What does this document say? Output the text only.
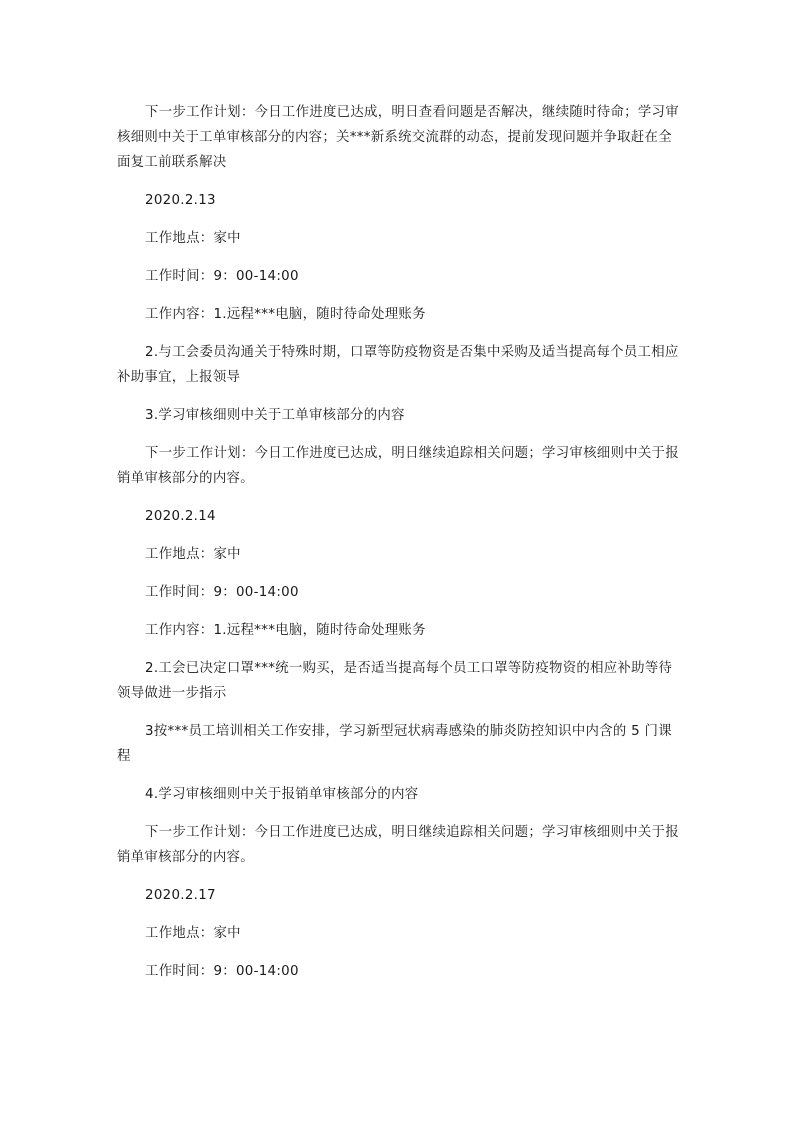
下一步工作计划：今日工作进度已达成，明日查看问题是否解决，继续随时待命；学习审核细则中关于工单审核部分的内容；关***新系统交流群的动态，提前发现问题并争取赶在全面复工前联系解决

2020.2.13

工作地点：家中

工作时间：9：00-14:00

工作内容：1.远程***电脑，随时待命处理账务

2.与工会委员沟通关于特殊时期，口罩等防疫物资是否集中采购及适当提高每个员工相应补助事宜，上报领导

3.学习审核细则中关于工单审核部分的内容

下一步工作计划：今日工作进度已达成，明日继续追踪相关问题；学习审核细则中关于报销单审核部分的内容。

2020.2.14

工作地点：家中

工作时间：9：00-14:00

工作内容：1.远程***电脑，随时待命处理账务

2.工会已决定口罩***统一购买，是否适当提高每个员工口罩等防疫物资的相应补助等待领导做进一步指示

3按***员工培训相关工作安排，学习新型冠状病毒感染的肺炎防控知识中内含的 5 门课程

4.学习审核细则中关于报销单审核部分的内容

下一步工作计划：今日工作进度已达成，明日继续追踪相关问题；学习审核细则中关于报销单审核部分的内容。

2020.2.17

工作地点：家中

工作时间：9：00-14:00
